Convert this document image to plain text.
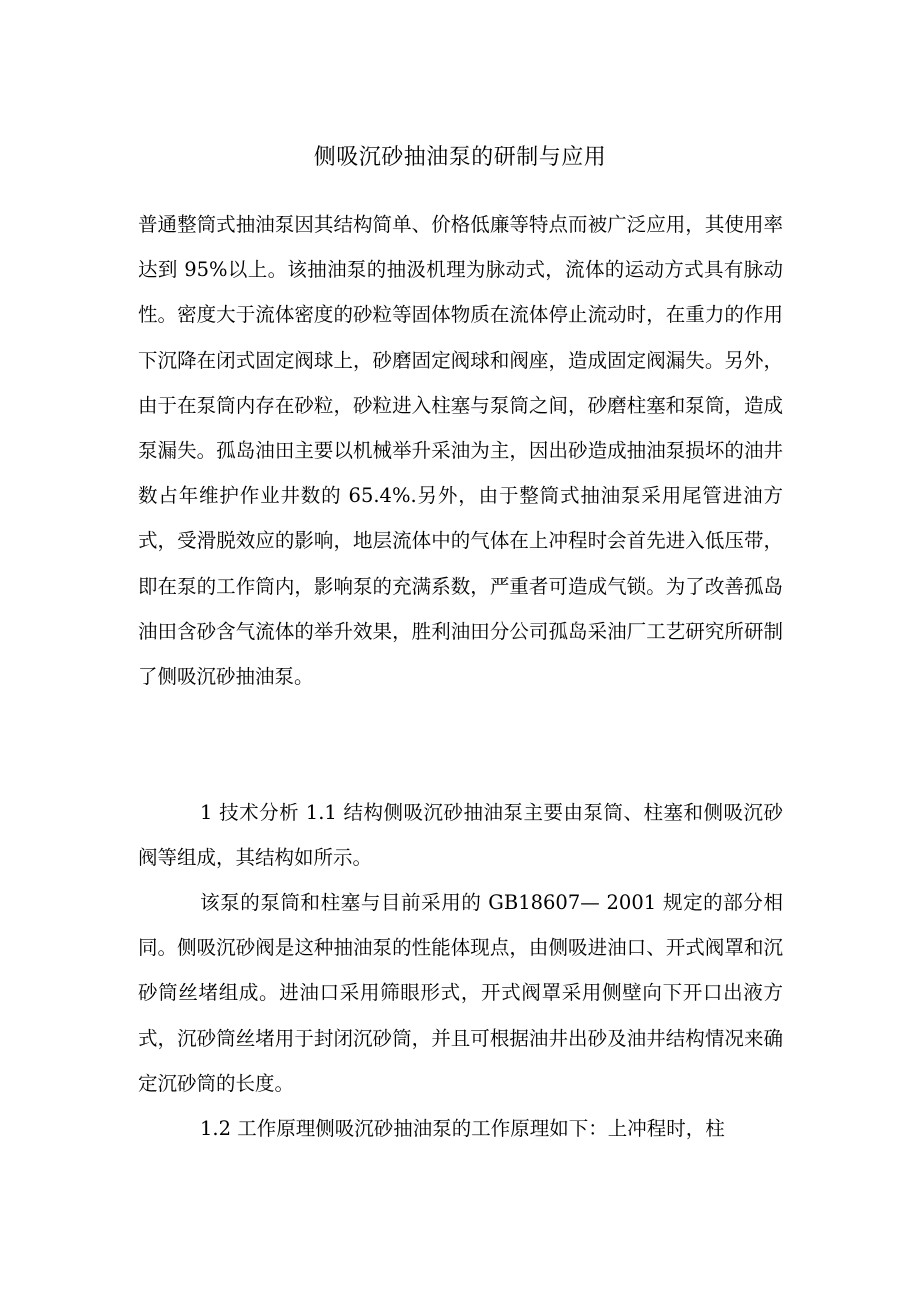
侧吸沉砂抽油泵的研制与应用

普通整筒式抽油泵因其结构简单、价格低廉等特点而被广泛应用，其使用率达到 95%以上。该抽油泵的抽汲机理为脉动式，流体的运动方式具有脉动性。密度大于流体密度的砂粒等固体物质在流体停止流动时，在重力的作用下沉降在闭式固定阀球上，砂磨固定阀球和阀座，造成固定阀漏失。另外，由于在泵筒内存在砂粒，砂粒进入柱塞与泵筒之间，砂磨柱塞和泵筒，造成泵漏失。孤岛油田主要以机械举升采油为主，因出砂造成抽油泵损坏的油井数占年维护作业井数的 65.4%.另外，由于整筒式抽油泵采用尾管进油方式，受滑脱效应的影响，地层流体中的气体在上冲程时会首先进入低压带，即在泵的工作筒内，影响泵的充满系数，严重者可造成气锁。为了改善孤岛油田含砂含气流体的举升效果，胜利油田分公司孤岛采油厂工艺研究所研制了侧吸沉砂抽油泵。

1 技术分析 1.1 结构侧吸沉砂抽油泵主要由泵筒、柱塞和侧吸沉砂阀等组成，其结构如所示。

该泵的泵筒和柱塞与目前采用的 GB18607— 2001 规定的部分相同。侧吸沉砂阀是这种抽油泵的性能体现点，由侧吸进油口、开式阀罩和沉砂筒丝堵组成。进油口采用筛眼形式，开式阀罩采用侧壁向下开口出液方式，沉砂筒丝堵用于封闭沉砂筒，并且可根据油井出砂及油井结构情况来确定沉砂筒的长度。

1.2 工作原理侧吸沉砂抽油泵的工作原理如下：上冲程时，柱
